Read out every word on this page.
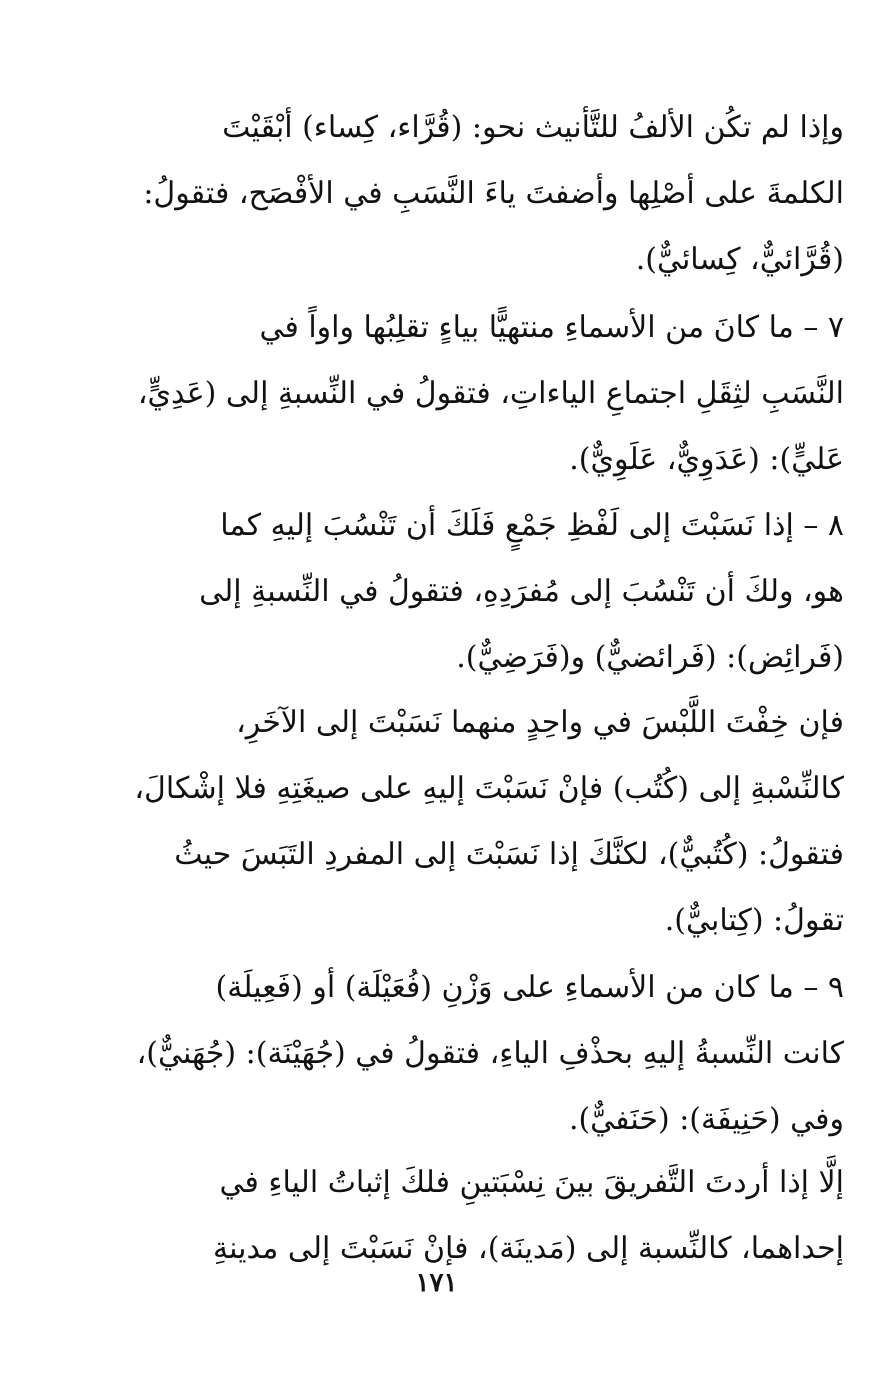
وإذا لم تكُن الألفُ للتَّأنيث نحو: (قُرَّاء، كِساء) أبْقَيْتَ
الكلمةَ على أصْلِها وأضفتَ ياءَ النَّسَبِ في الأفْصَح، فتقولُ:
(قُرَّائيٌّ، كِسائيٌّ).
٧ – ما كانَ من الأسماءِ منتهيًّا بياءٍ تقلِبُها واواً في
النَّسَبِ لثِقَلِ اجتماعِ الياءاتِ، فتقولُ في النِّسبةِ إلى (عَدِيٍّ،
عَليٍّ): (عَدَوِيٌّ، عَلَوِيٌّ).
٨ – إذا نَسَبْتَ إلى لَفْظِ جَمْعٍ فَلَكَ أن تَنْسُبَ إليهِ كما
هو، ولكَ أن تَنْسُبَ إلى مُفرَدِهِ، فتقولُ في النِّسبةِ إلى
(فَرائِض): (فَرائضيٌّ) و(فَرَضِيٌّ).
فإن خِفْتَ اللَّبْسَ في واحِدٍ منهما نَسَبْتَ إلى الآخَرِ،
كالنِّسْبةِ إلى (كُتُب) فإنْ نَسَبْتَ إليهِ على صيغَتِهِ فلا إشْكالَ،
فتقولُ: (كُتُبيٌّ)، لكنَّكَ إذا نَسَبْتَ إلى المفردِ التَبَسَ حيثُ
تقولُ: (كِتابيٌّ).
٩ – ما كان من الأسماءِ على وَزْنِ (فُعَيْلَة) أو (فَعِيلَة)
كانت النِّسبةُ إليهِ بحذْفِ الياءِ، فتقولُ في (جُهَيْنَة): (جُهَنيٌّ)،
وفي (حَنِيفَة): (حَنَفيٌّ).
إلَّا إذا أردتَ التَّفريقَ بينَ نِسْبَتينِ فلكَ إثباتُ الياءِ في
إحداهما، كالنِّسبة إلى (مَدينَة)، فإنْ نَسَبْتَ إلى مدينةِ
١٧١
